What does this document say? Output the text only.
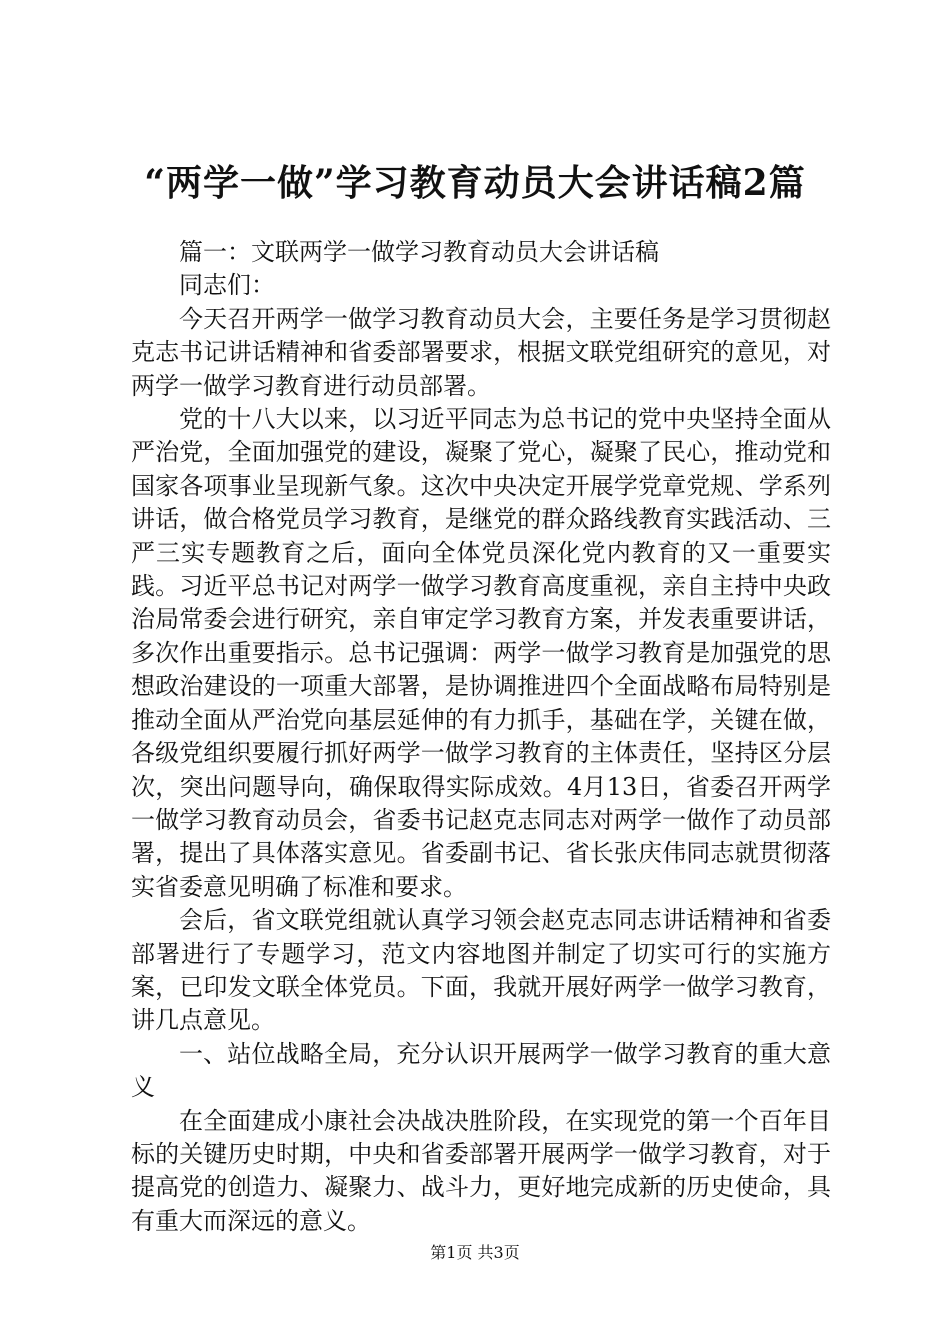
“两学一做”学习教育动员大会讲话稿2篇

篇一：文联两学一做学习教育动员大会讲话稿

同志们：

今天召开两学一做学习教育动员大会，主要任务是学习贯彻赵克志书记讲话精神和省委部署要求，根据文联党组研究的意见，对两学一做学习教育进行动员部署。

党的十八大以来，以习近平同志为总书记的党中央坚持全面从严治党，全面加强党的建设，凝聚了党心，凝聚了民心，推动党和国家各项事业呈现新气象。这次中央决定开展学党章党规、学系列讲话，做合格党员学习教育，是继党的群众路线教育实践活动、三严三实专题教育之后，面向全体党员深化党内教育的又一重要实践。习近平总书记对两学一做学习教育高度重视，亲自主持中央政治局常委会进行研究，亲自审定学习教育方案，并发表重要讲话，多次作出重要指示。总书记强调：两学一做学习教育是加强党的思想政治建设的一项重大部署，是协调推进四个全面战略布局特别是推动全面从严治党向基层延伸的有力抓手，基础在学，关键在做，各级党组织要履行抓好两学一做学习教育的主体责任，坚持区分层次，突出问题导向，确保取得实际成效。4月13日，省委召开两学一做学习教育动员会，省委书记赵克志同志对两学一做作了动员部署，提出了具体落实意见。省委副书记、省长张庆伟同志就贯彻落实省委意见明确了标准和要求。

会后，省文联党组就认真学习领会赵克志同志讲话精神和省委部署进行了专题学习，范文内容地图并制定了切实可行的实施方案，已印发文联全体党员。下面，我就开展好两学一做学习教育，讲几点意见。

一、站位战略全局，充分认识开展两学一做学习教育的重大意义

在全面建成小康社会决战决胜阶段，在实现党的第一个百年目标的关键历史时期，中央和省委部署开展两学一做学习教育，对于提高党的创造力、凝聚力、战斗力，更好地完成新的历史使命，具有重大而深远的意义。

第1页 共3页
